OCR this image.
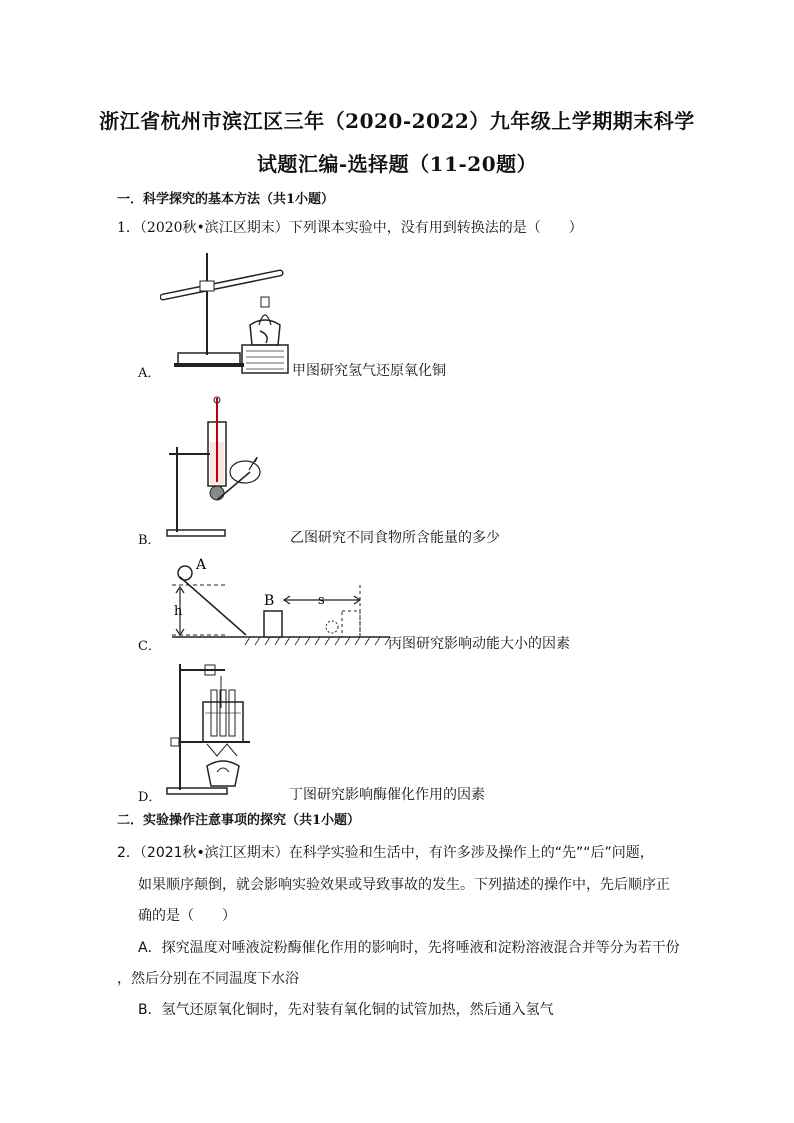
浙江省杭州市滨江区三年（2020-2022）九年级上学期期末科学
试题汇编-选择题（11-20题）
一．科学探究的基本方法（共1小题）
1．（2020秋•滨江区期末）下列课本实验中，没有用到转换法的是（　　）
A．	甲图研究氢气还原氧化铜
B．	乙图研究不同食物所含能量的多少
A
h
B	s
C．	丙图研究影响动能大小的因素
D．	丁图研究影响酶催化作用的因素
二．实验操作注意事项的探究（共1小题）
2．（2021秋•滨江区期末）在科学实验和生活中，有许多涉及操作上的“先”“后”问题，
如果顺序颠倒，就会影响实验效果或导致事故的发生。下列描述的操作中，先后顺序正
确的是（　　）
A．探究温度对唾液淀粉酶催化作用的影响时，先将唾液和淀粉溶液混合并等分为若干份
，然后分别在不同温度下水浴
B．氢气还原氧化铜时，先对装有氧化铜的试管加热，然后通入氢气
